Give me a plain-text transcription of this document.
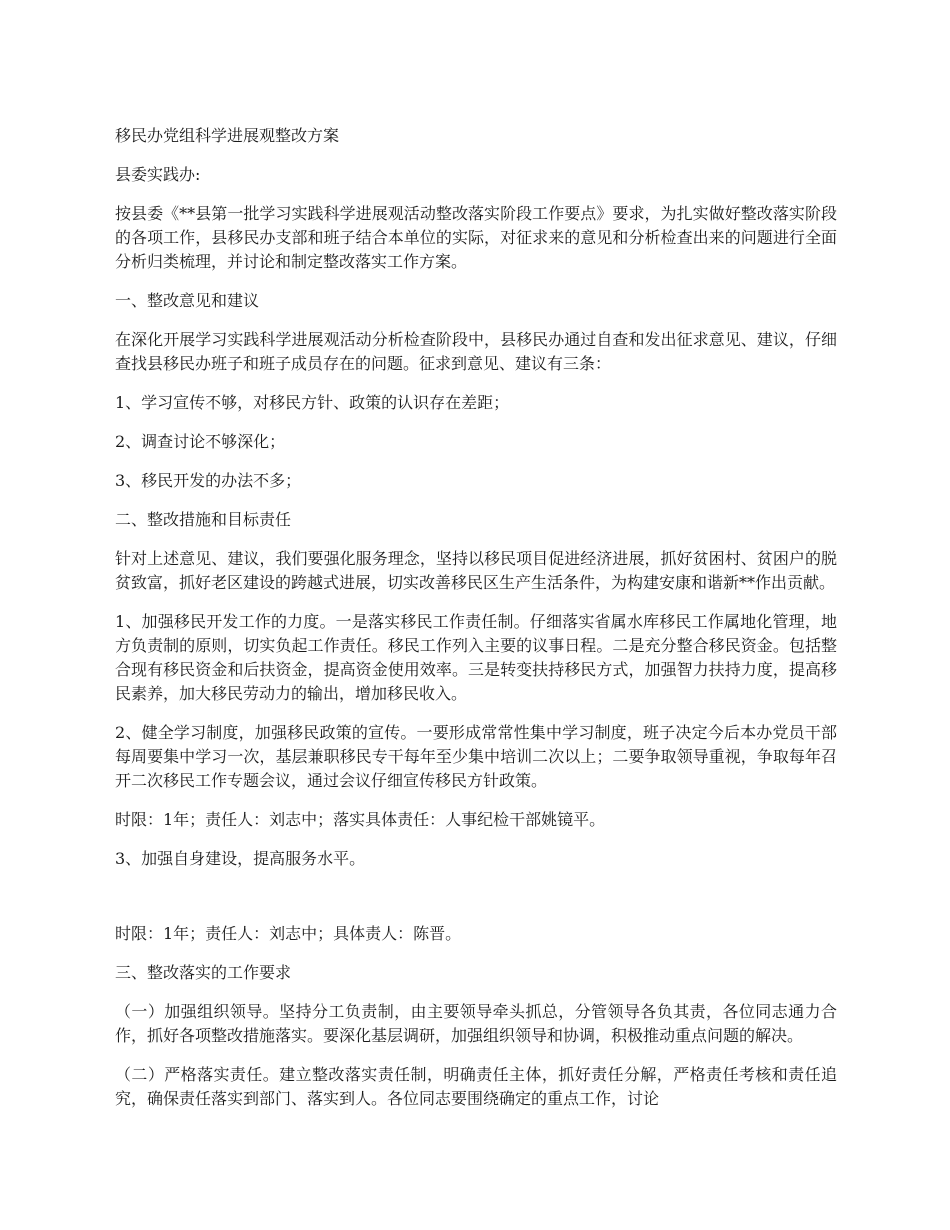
移民办党组科学进展观整改方案

县委实践办:

按县委《**县第一批学习实践科学进展观活动整改落实阶段工作要点》要求，为扎实做好整改落实阶段的各项工作，县移民办支部和班子结合本单位的实际，对征求来的意见和分析检查出来的问题进行全面分析归类梳理，并讨论和制定整改落实工作方案。

一、整改意见和建议

在深化开展学习实践科学进展观活动分析检查阶段中，县移民办通过自查和发出征求意见、建议，仔细查找县移民办班子和班子成员存在的问题。征求到意见、建议有三条：

1、学习宣传不够，对移民方针、政策的认识存在差距；

2、调查讨论不够深化；

3、移民开发的办法不多；

二、整改措施和目标责任

针对上述意见、建议，我们要强化服务理念，坚持以移民项目促进经济进展，抓好贫困村、贫困户的脱贫致富，抓好老区建设的跨越式进展，切实改善移民区生产生活条件，为构建安康和谐新**作出贡献。

1、加强移民开发工作的力度。一是落实移民工作责任制。仔细落实省属水库移民工作属地化管理，地方负责制的原则，切实负起工作责任。移民工作列入主要的议事日程。二是充分整合移民资金。包括整合现有移民资金和后扶资金，提高资金使用效率。三是转变扶持移民方式，加强智力扶持力度，提高移民素养，加大移民劳动力的输出，增加移民收入。

2、健全学习制度，加强移民政策的宣传。一要形成常常性集中学习制度，班子决定今后本办党员干部每周要集中学习一次，基层兼职移民专干每年至少集中培训二次以上；二要争取领导重视，争取每年召开二次移民工作专题会议，通过会议仔细宣传移民方针政策。

时限：1年；责任人：刘志中；落实具体责任：人事纪检干部姚镜平。

3、加强自身建设，提高服务水平。

时限：1年；责任人：刘志中；具体责人：陈晋。

三、整改落实的工作要求

（一）加强组织领导。坚持分工负责制，由主要领导牵头抓总，分管领导各负其责，各位同志通力合作，抓好各项整改措施落实。要深化基层调研，加强组织领导和协调，积极推动重点问题的解决。

（二）严格落实责任。建立整改落实责任制，明确责任主体，抓好责任分解，严格责任考核和责任追究，确保责任落实到部门、落实到人。各位同志要围绕确定的重点工作，讨论
